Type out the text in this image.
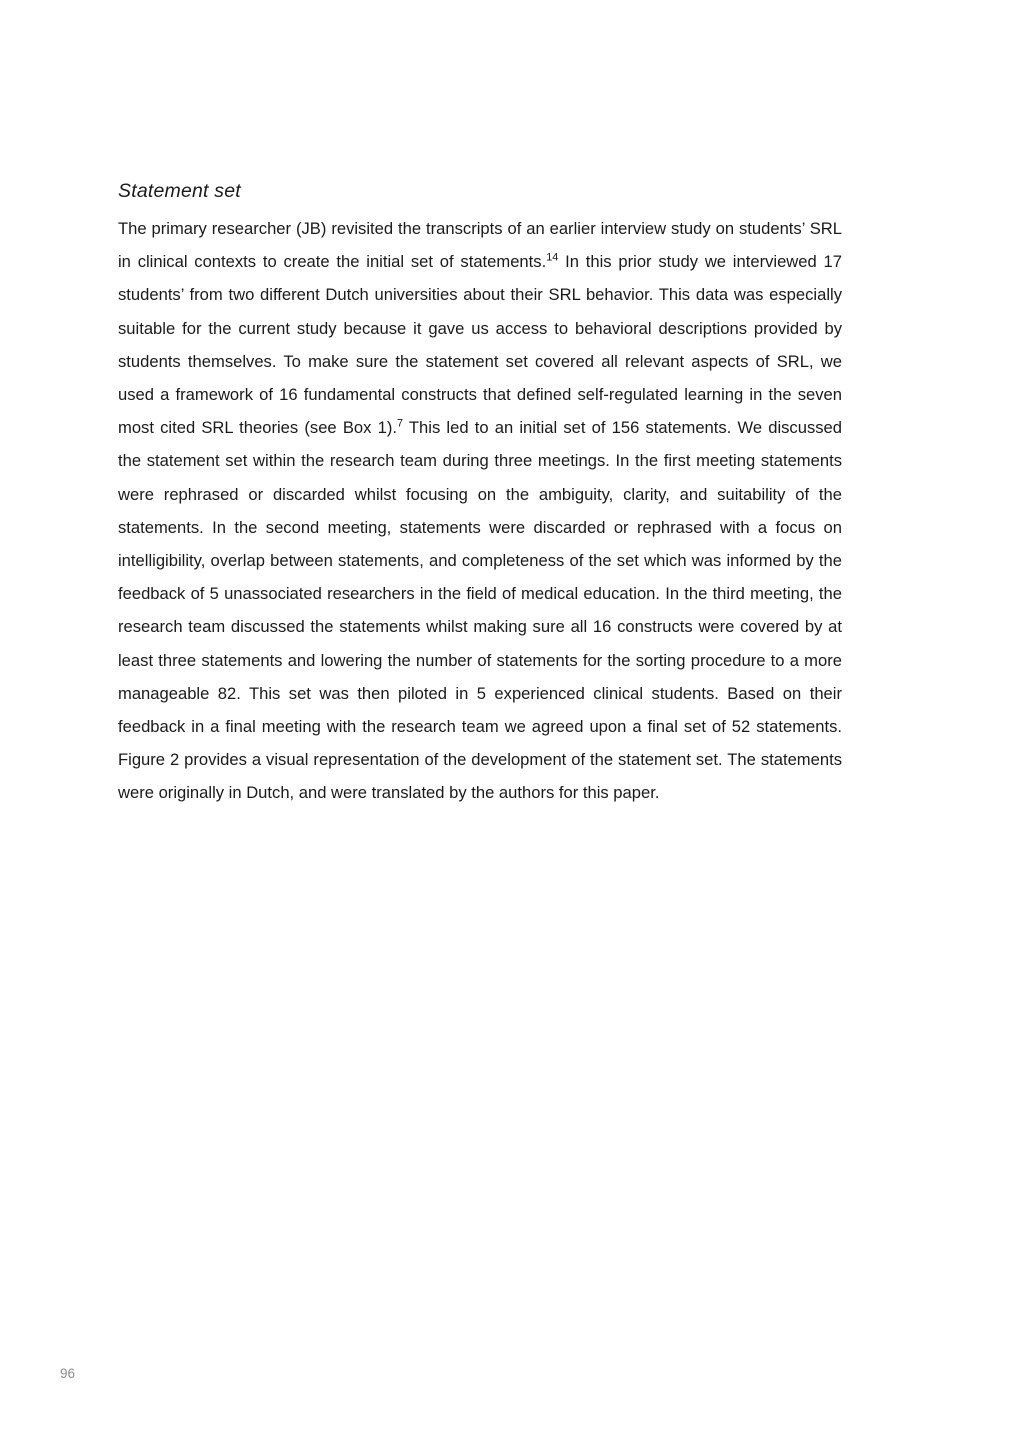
Statement set

The primary researcher (JB) revisited the transcripts of an earlier interview study on students’ SRL in clinical contexts to create the initial set of statements.$^{14}$ In this prior study we interviewed 17 students’ from two different Dutch universities about their SRL behavior. This data was especially suitable for the current study because it gave us access to behavioral descriptions provided by students themselves. To make sure the statement set covered all relevant aspects of SRL, we used a framework of 16 fundamental constructs that defined self-regulated learning in the seven most cited SRL theories (see Box 1).$^7$ This led to an initial set of 156 statements. We discussed the statement set within the research team during three meetings. In the first meeting statements were rephrased or discarded whilst focusing on the ambiguity, clarity, and suitability of the statements. In the second meeting, statements were discarded or rephrased with a focus on intelligibility, overlap between statements, and completeness of the set which was informed by the feedback of 5 unassociated researchers in the field of medical education. In the third meeting, the research team discussed the statements whilst making sure all 16 constructs were covered by at least three statements and lowering the number of statements for the sorting procedure to a more manageable 82. This set was then piloted in 5 experienced clinical students. Based on their feedback in a final meeting with the research team we agreed upon a final set of 52 statements. Figure 2 provides a visual representation of the development of the statement set. The statements were originally in Dutch, and were translated by the authors for this paper.

96
